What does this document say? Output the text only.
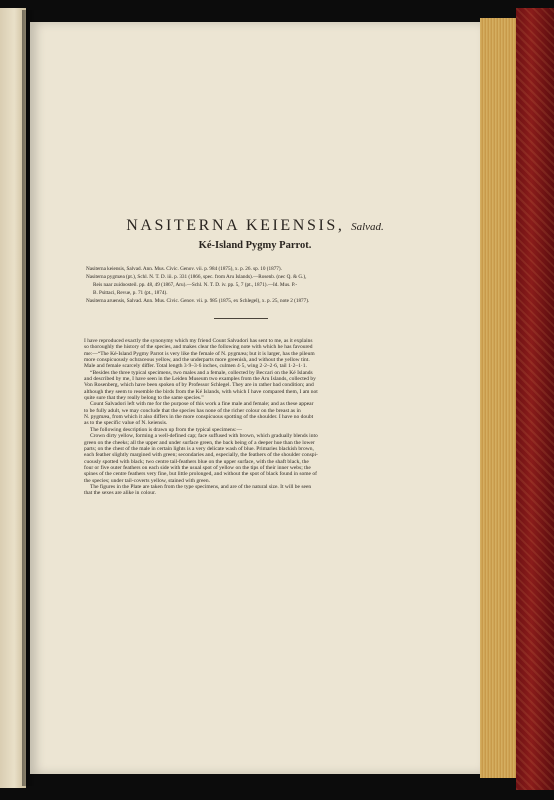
NASITERNA KEIENSIS, Salvad.
Ké-Island Pygmy Parrot.
Nasiterna keiensis, Salvad. Ann. Mus. Civic. Genov. vii. p. 984 (1875), x. p. 26. sp. 10 (1877).
Nasiterna pygmæa (pt.), Schl. N. T. D. iii. p. 331 (1866, spec. from Aru Islands).—Rosenb. (nec Q. & G.),
Reis naar zuidoosteil. pp. 48, 49 (1867, Aru).—Schl. N. T. D. iv. pp. 5, 7 (pt., 1871).—Id. Mus. P.-
B. Psittaci, Revue, p. 71 (pt., 1874).
Nasiterna aruensis, Salvad. Ann. Mus. Civic. Genov. vii. p. 985 (1875, ex Schlegel), x. p. 25, note 2 (1877).
I have reproduced exactly the synonymy which my friend Count Salvadori has sent to me, as it explains
so thoroughly the history of the species, and makes clear the following note with which he has favoured
me:—“The Ké-Island Pygmy Parrot is very like the female of N. pygmæa; but it is larger, has the pileum
more conspicuously ochraceous yellow, and the underparts more greenish, and without the yellow tint.
Male and female scarcely differ. Total length 3·9–3·6 inches, culmen 4·5, wing 2·2–2·6, tail 1·2–1·1.
“Besides the three typical specimens, two males and a female, collected by Beccari on the Ké Islands
and described by me, I have seen in the Leiden Museum two examples from the Aru Islands, collected by
Von Rosenberg, which have been spoken of by Professor Schlegel. They are in rather bad condition; and
although they seem to resemble the birds from the Ké Islands, with which I have compared them, I am not
quite sure that they really belong to the same species.”
Count Salvadori left with me for the purpose of this work a fine male and female; and as these appear
to be fully adult, we may conclude that the species has none of the richer colour on the breast as in
N. pygmæa, from which it also differs in the more conspicuous spotting of the shoulder. I have no doubt
as to the specific value of N. keiensis.
The following description is drawn up from the typical specimens:—
Crown dirty yellow, forming a well-defined cap; face suffused with brown, which gradually blends into
green on the cheeks; all the upper and under surface green, the back being of a deeper hue than the lower
parts; on the chest of the male in certain lights is a very delicate wash of blue. Primaries blackish brown,
each feather slightly margined with green; secondaries and, especially, the feathers of the shoulder conspi-
cuously spotted with black; two centre tail-feathers blue on the upper surface, with the shaft black, the
four or five outer feathers on each side with the usual spot of yellow on the tips of their inner webs; the
spines of the centre feathers very fine, but little prolonged, and without the spot of black found in some of
the species; under tail-coverts yellow, stained with green.
The figures in the Plate are taken from the type specimens, and are of the natural size. It will be seen
that the sexes are alike in colour.
